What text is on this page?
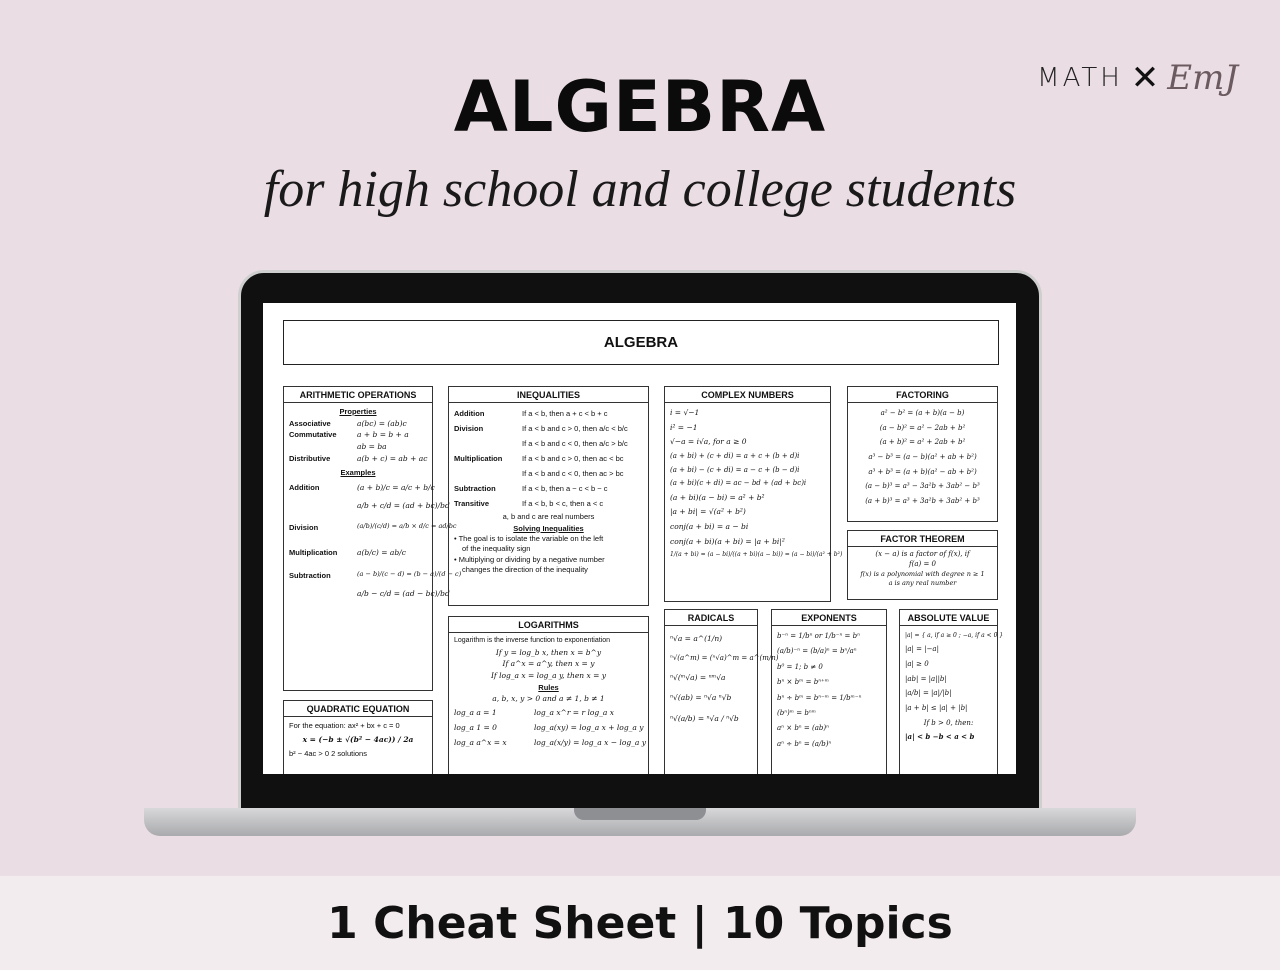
ALGEBRA
for high school and college students
MATH ✕ EmJ
ALGEBRA
ARITHMETIC OPERATIONS
Properties
Associative	a(bc) = (ab)c
Commutative	a + b = b + a
ab = ba
Distributive	a(b + c) = ab + ac
Examples
Addition	(a + b)/c = a/c + b/c
a/b + c/d = (ad + bc)/bd
Division	(a/b)/(c/d) = a/b × d/c = ad/bc
Multiplication	a(b/c) = ab/c
Subtraction	(a − b)/(c − d) = (b − a)/(d − c)
a/b − c/d = (ad − bc)/bd
QUADRATIC EQUATION
For the equation: ax² + bx + c = 0
x = (−b ± √(b² − 4ac)) / 2a
b² − 4ac > 0 2 solutions
INEQUALITIES
Addition	If a < b, then a + c < b + c
Division	If a < b and c > 0, then a/c < b/c
If a < b and c < 0, then a/c > b/c
Multiplication	If a < b and c > 0, then ac < bc
If a < b and c < 0, then ac > bc
Subtraction	If a < b, then a − c < b − c
Transitive	If a < b, b < c, then a < c
a, b and c are real numbers
Solving Inequalities
• The goal is to isolate the variable on the left
of the inequality sign
• Multiplying or dividing by a negative number
changes the direction of the inequality
LOGARITHMS
Logarithm is the inverse function to exponentiation
If y = log_b x, then x = b^y
If a^x = a^y, then x = y
If log_a x = log_a y, then x = y
Rules
a, b, x, y > 0 and a ≠ 1, b ≠ 1
log_a a = 1	log_a x^r = r log_a x
log_a 1 = 0	log_a(xy) = log_a x + log_a y
log_a a^x = x	log_a(x/y) = log_a x − log_a y
COMPLEX NUMBERS
i = √−1
i² = −1
√−a = i√a, for a ≥ 0
(a + bi) + (c + di) = a + c + (b + d)i
(a + bi) − (c + di) = a − c + (b − d)i
(a + bi)(c + di) = ac − bd + (ad + bc)i
(a + bi)(a − bi) = a² + b²
|a + bi| = √(a² + b²)
conj(a + bi) = a − bi
conj(a + bi)(a + bi) = |a + bi|²
1/(a + bi) = (a − bi)/((a + bi)(a − bi)) = (a − bi)/(a² + b²)
FACTORING
a² − b² = (a + b)(a − b)
(a − b)² = a² − 2ab + b²
(a + b)² = a² + 2ab + b²
a³ − b³ = (a − b)(a² + ab + b²)
a³ + b³ = (a + b)(a² − ab + b²)
(a − b)³ = a³ − 3a²b + 3ab² − b³
(a + b)³ = a³ + 3a²b + 3ab² + b³
FACTOR THEOREM
(x − a) is a factor of f(x), if
f(a) = 0
f(x) is a polynomial with degree n ≥ 1
a is any real number
RADICALS
ⁿ√a = a^(1/n)
ⁿ√(a^m) = (ⁿ√a)^m = a^(m/n)
ⁿ√(ᵐ√a) = ⁿᵐ√a
ⁿ√(ab) = ⁿ√a ⁿ√b
ⁿ√(a/b) = ⁿ√a / ⁿ√b
EXPONENTS
b⁻ⁿ = 1/bⁿ or 1/b⁻ⁿ = bⁿ
(a/b)⁻ⁿ = (b/a)ⁿ = bⁿ/aⁿ
b⁰ = 1; b ≠ 0
bⁿ × bᵐ = bⁿ⁺ᵐ
bⁿ ÷ bᵐ = bⁿ⁻ᵐ = 1/bᵐ⁻ⁿ
(bⁿ)ᵐ = bⁿᵐ
aⁿ × bⁿ = (ab)ⁿ
aⁿ ÷ bⁿ = (a/b)ⁿ
ABSOLUTE VALUE
|a| = { a, if a ≥ 0 ; −a, if a < 0 }
|a| = |−a|
|a| ≥ 0
|ab| = |a||b|
|a/b| = |a|/|b|
|a + b| ≤ |a| + |b|
If b > 0, then:
|a| < b −b < a < b
1 Cheat Sheet | 10 Topics
